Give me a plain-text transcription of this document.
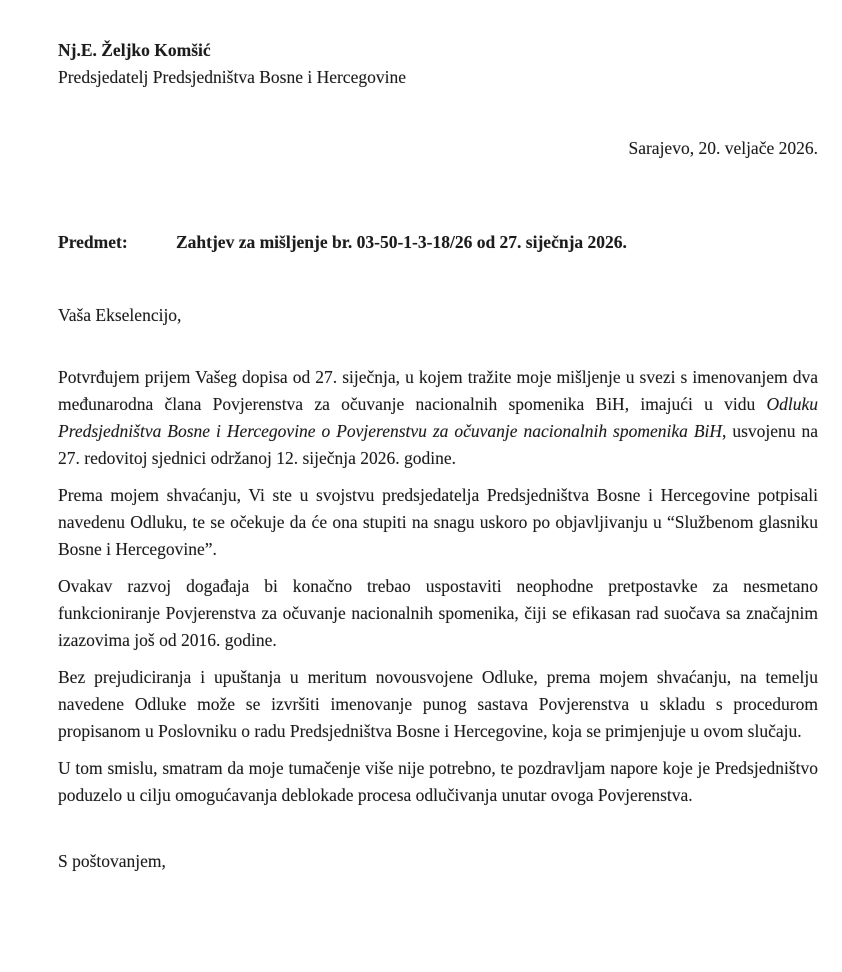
Nj.E. Željko Komšić
Predsjedatelj Predsjedništva Bosne i Hercegovine
Sarajevo, 20. veljače 2026.
Predmet:	Zahtjev za mišljenje br. 03-50-1-3-18/26 od 27. siječnja 2026.
Vaša Ekselencijo,

Potvrđujem prijem Vašeg dopisa od 27. siječnja, u kojem tražite moje mišljenje u svezi s imenovanjem dva međunarodna člana Povjerenstva za očuvanje nacionalnih spomenika BiH, imajući u vidu Odluku Predsjedništva Bosne i Hercegovine o Povjerenstvu za očuvanje nacionalnih spomenika BiH, usvojenu na 27. redovitoj sjednici održanoj 12. siječnja 2026. godine.

Prema mojem shvaćanju, Vi ste u svojstvu predsjedatelja Predsjedništva Bosne i Hercegovine potpisali navedenu Odluku, te se očekuje da će ona stupiti na snagu uskoro po objavljivanju u “Službenom glasniku Bosne i Hercegovine”.

Ovakav razvoj događaja bi konačno trebao uspostaviti neophodne pretpostavke za nesmetano funkcioniranje Povjerenstva za očuvanje nacionalnih spomenika, čiji se efikasan rad suočava sa značajnim izazovima još od 2016. godine.

Bez prejudiciranja i upuštanja u meritum novousvojene Odluke, prema mojem shvaćanju, na temelju navedene Odluke može se izvršiti imenovanje punog sastava Povjerenstva u skladu s procedurom propisanom u Poslovniku o radu Predsjedništva Bosne i Hercegovine, koja se primjenjuje u ovom slučaju.

U tom smislu, smatram da moje tumačenje više nije potrebno, te pozdravljam napore koje je Predsjedništvo poduzelo u cilju omogućavanja deblokade procesa odlučivanja unutar ovoga Povjerenstva.

S poštovanjem,
